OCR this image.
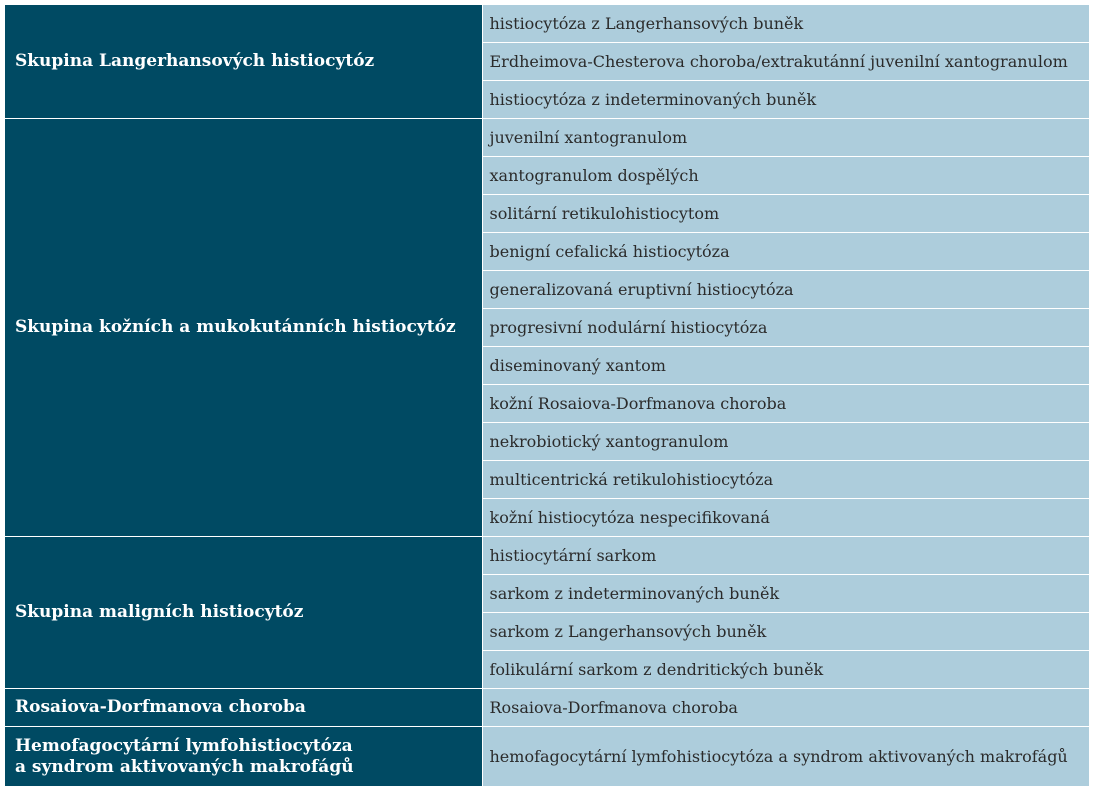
Skupina Langerhansových histiocytóz	histiocytóza z Langerhansových buněk
	Erdheimova-Chesterova choroba/extrakutánní juvenilní xantogranulom
	histiocytóza z indeterminovaných buněk
Skupina kožních a mukokutánních histiocytóz	juvenilní xantogranulom
	xantogranulom dospělých
	solitární retikulohistiocytom
	benigní cefalická histiocytóza
	generalizovaná eruptivní histiocytóza
	progresivní nodulární histiocytóza
	diseminovaný xantom
	kožní Rosaiova-Dorfmanova choroba
	nekrobiotický xantogranulom
	multicentrická retikulohistiocytóza
	kožní histiocytóza nespecifikovaná
Skupina maligních histiocytóz	histiocytární sarkom
	sarkom z indeterminovaných buněk
	sarkom z Langerhansových buněk
	folikulární sarkom z dendritických buněk
Rosaiova-Dorfmanova choroba	Rosaiova-Dorfmanova choroba

Hemofagocytární lymfohistiocytóza
a syndrom aktivovaných makrofágů	hemofagocytární lymfohistiocytóza a syndrom aktivovaných makrofágů
